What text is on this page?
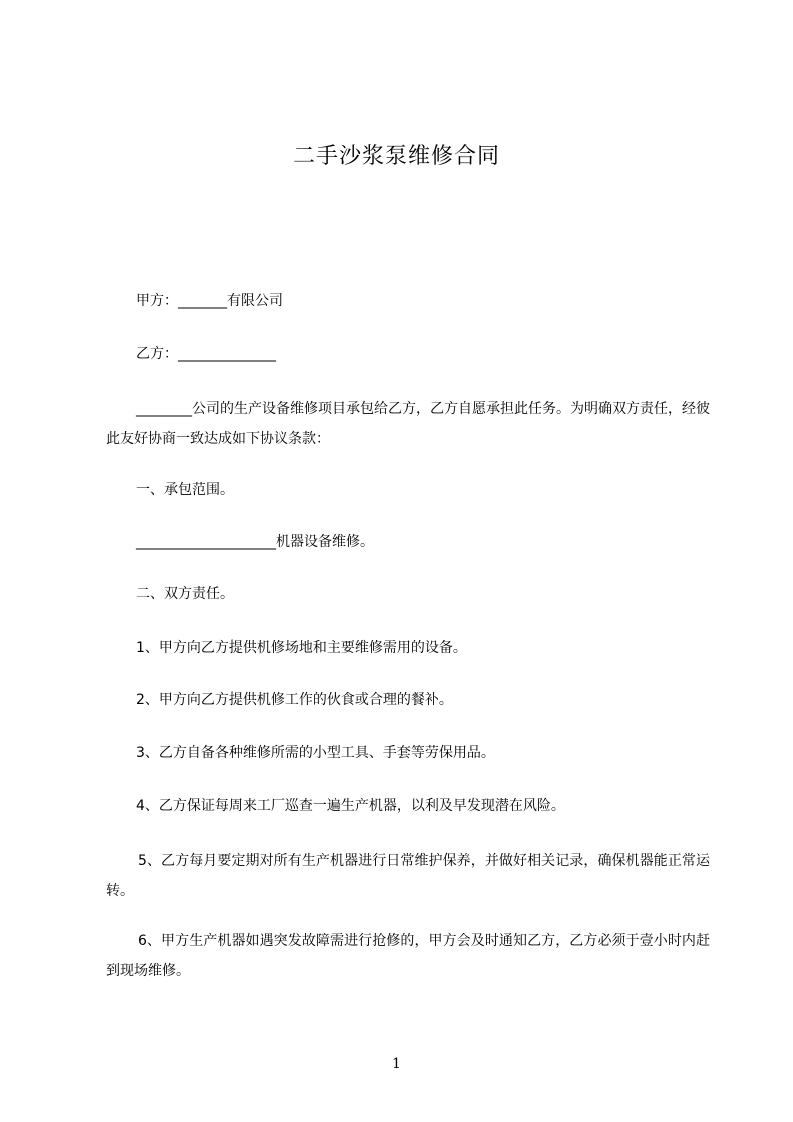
二手沙浆泵维修合同
甲方：_______有限公司
乙方：______________
________公司的生产设备维修项目承包给乙方，乙方自愿承担此任务。为明确双方责任，经彼此友好协商一致达成如下协议条款：
一、承包范围。
____________________机器设备维修。
二、双方责任。
1、甲方向乙方提供机修场地和主要维修需用的设备。
2、甲方向乙方提供机修工作的伙食或合理的餐补。
3、乙方自备各种维修所需的小型工具、手套等劳保用品。
4、乙方保证每周来工厂巡查一遍生产机器，以利及早发现潜在风险。
5、乙方每月要定期对所有生产机器进行日常维护保养，并做好相关记录，确保机器能正常运转。
6、甲方生产机器如遇突发故障需进行抢修的，甲方会及时通知乙方，乙方必须于壹小时内赶到现场维修。
1
